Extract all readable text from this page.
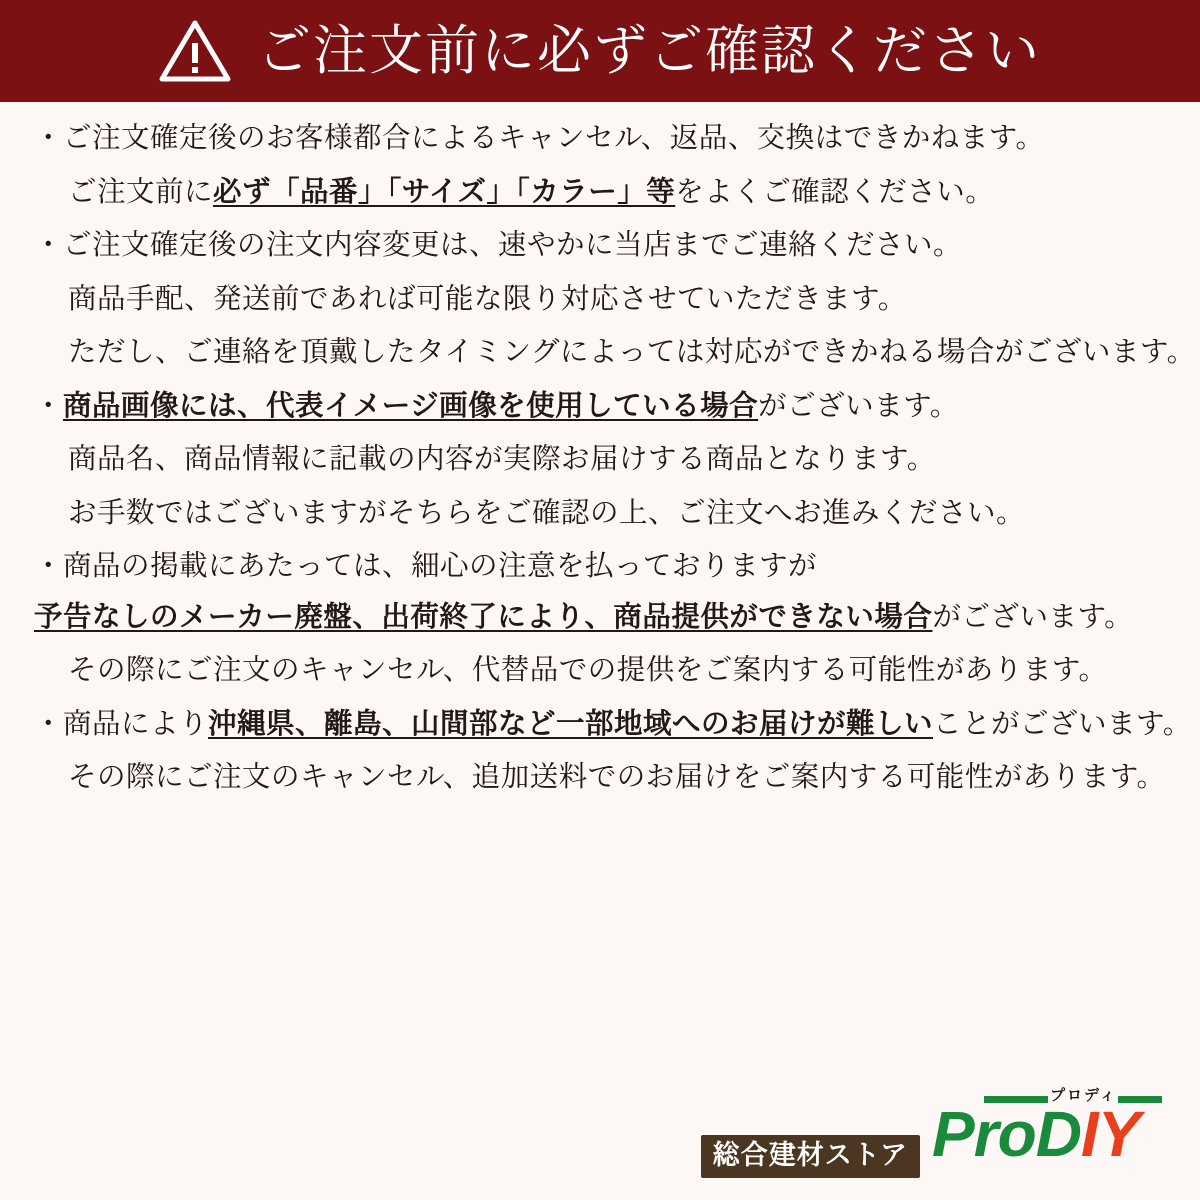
ご注文前に必ずご確認ください

・ご注文確定後のお客様都合によるキャンセル、返品、交換はできかねます。

ご注文前に必ず「品番」「サイズ」「カラー」等をよくご確認ください。

・ご注文確定後の注文内容変更は、速やかに当店までご連絡ください。

商品手配、発送前であれば可能な限り対応させていただきます。

ただし、ご連絡を頂戴したタイミングによっては対応ができかねる場合がございます。

・商品画像には、代表イメージ画像を使用している場合がございます。

商品名、商品情報に記載の内容が実際お届けする商品となります。

お手数ではございますがそちらをご確認の上、ご注文へお進みください。

・商品の掲載にあたっては、細心の注意を払っておりますが

予告なしのメーカー廃盤、出荷終了により、商品提供ができない場合がございます。

その際にご注文のキャンセル、代替品での提供をご案内する可能性があります。

・商品により沖縄県、離島、山間部など一部地域へのお届けが難しいことがございます。

その際にご注文のキャンセル、追加送料でのお届けをご案内する可能性があります。

総合建材ストア
プロディ
ProDIY
